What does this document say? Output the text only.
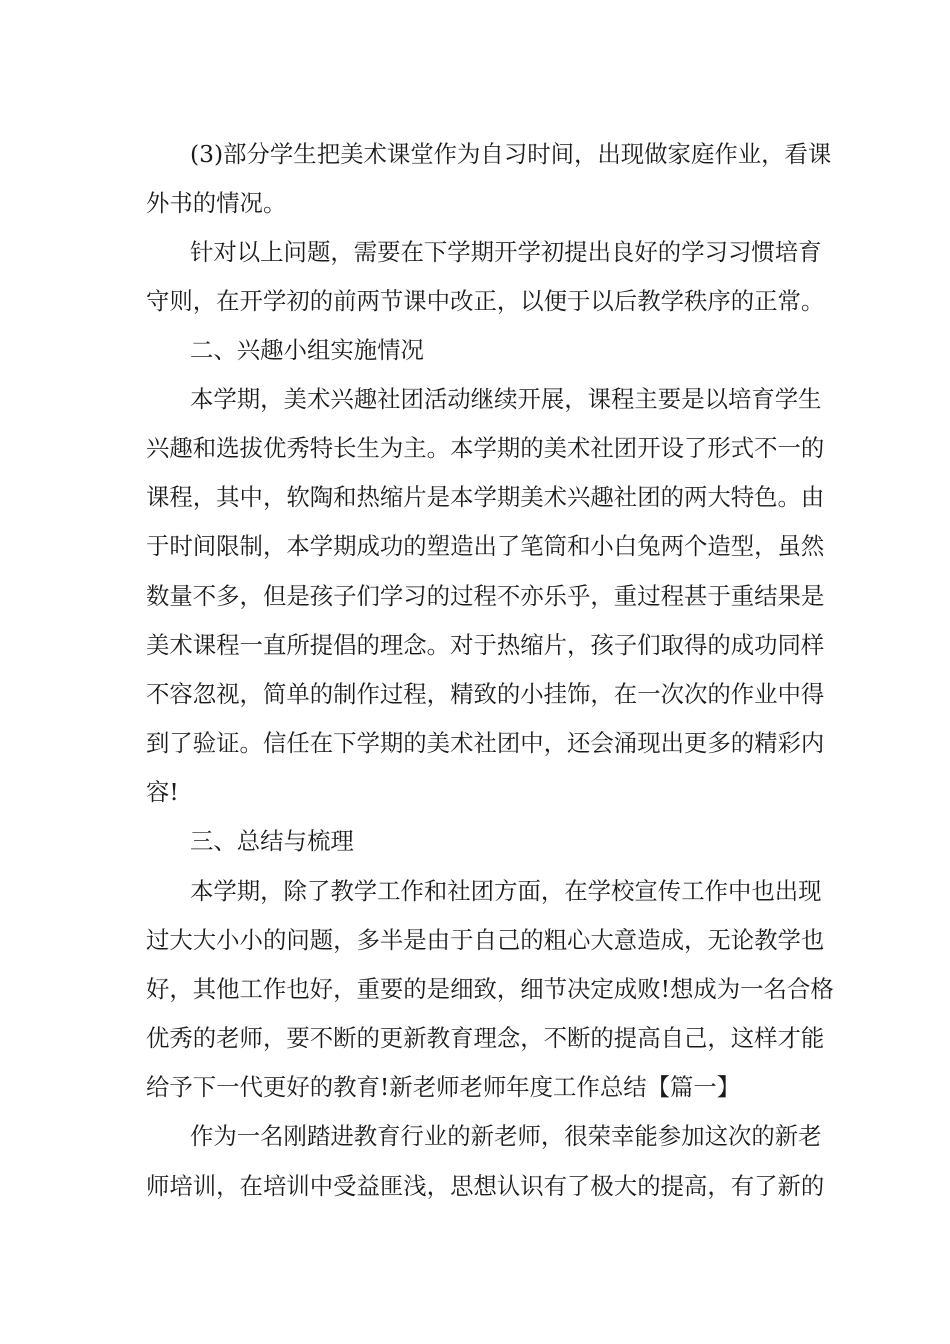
(3)部分学生把美术课堂作为自习时间，出现做家庭作业，看课
外书的情况。
针对以上问题，需要在下学期开学初提出良好的学习习惯培育
守则，在开学初的前两节课中改正，以便于以后教学秩序的正常。
二、兴趣小组实施情况
本学期，美术兴趣社团活动继续开展，课程主要是以培育学生
兴趣和选拔优秀特长生为主。本学期的美术社团开设了形式不一的
课程，其中，软陶和热缩片是本学期美术兴趣社团的两大特色。由
于时间限制，本学期成功的塑造出了笔筒和小白兔两个造型，虽然
数量不多，但是孩子们学习的过程不亦乐乎，重过程甚于重结果是
美术课程一直所提倡的理念。对于热缩片，孩子们取得的成功同样
不容忽视，简单的制作过程，精致的小挂饰，在一次次的作业中得
到了验证。信任在下学期的美术社团中，还会涌现出更多的精彩内
容!
三、总结与梳理
本学期，除了教学工作和社团方面，在学校宣传工作中也出现
过大大小小的问题，多半是由于自己的粗心大意造成，无论教学也
好，其他工作也好，重要的是细致，细节决定成败!想成为一名合格
优秀的老师，要不断的更新教育理念，不断的提高自己，这样才能
给予下一代更好的教育!新老师老师年度工作总结【篇一】
作为一名刚踏进教育行业的新老师，很荣幸能参加这次的新老
师培训，在培训中受益匪浅，思想认识有了极大的提高，有了新的
